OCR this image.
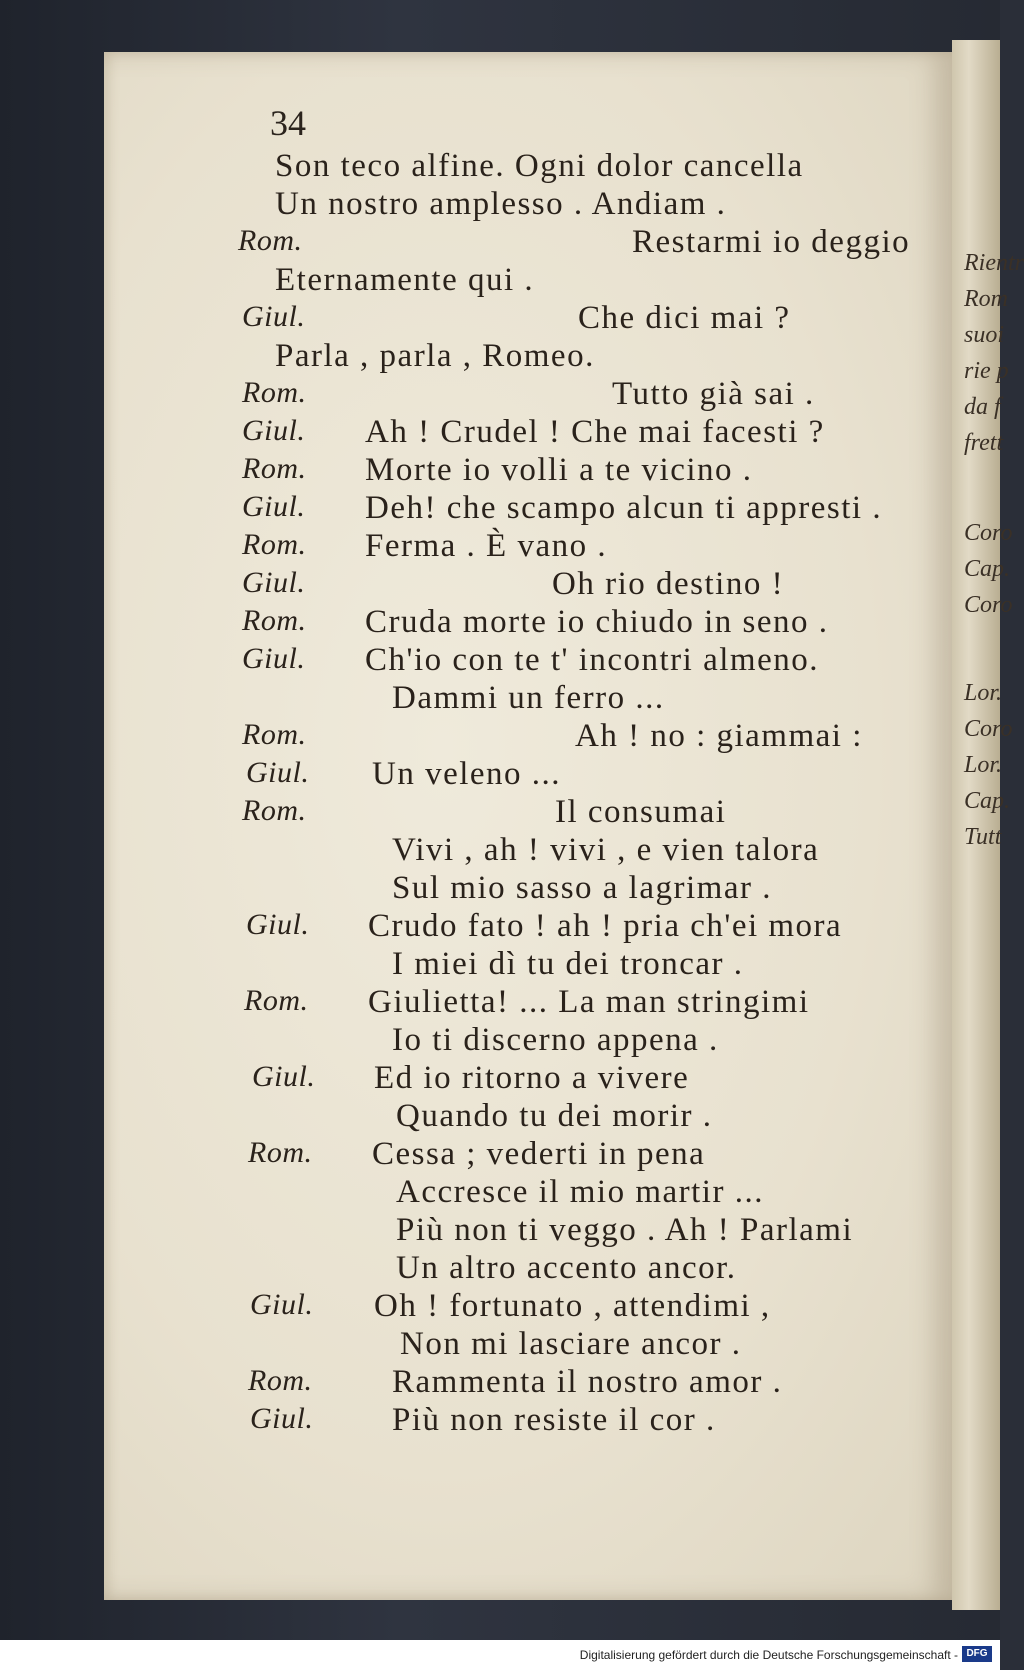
Rientr
Rom
suoi
rie p
da f
frett
Coro
Cap.
Coro
Lor.
Coro
Lor.
Cap.
Tutt
34
Son teco alfine. Ogni dolor cancella
Un nostro amplesso . Andiam .
Rom.	Restarmi io deggio
Eternamente qui .
Giul.	Che dici mai ?
Parla , parla , Romeo.
Rom.	Tutto già sai .
Giul. Ah ! Crudel ! Che mai facesti ?
Rom. Morte io volli a te vicino .
Giul. Deh! che scampo alcun ti appresti .
Rom. Ferma . È vano .
Giul.	Oh rio destino !
Rom. Cruda morte io chiudo in seno .
Giul. Ch'io con te t' incontri almeno.
Dammi un ferro ...
Rom.	Ah ! no : giammai :
Giul. Un veleno ...
Rom.	Il consumai
Vivi , ah ! vivi , e vien talora
Sul mio sasso a lagrimar .
Giul. Crudo fato ! ah ! pria ch'ei mora
I miei dì tu dei troncar .
Rom. Giulietta! ... La man stringimi
Io ti discerno appena .
Giul. Ed io ritorno a vivere
Quando tu dei morir .
Rom. Cessa ; vederti in pena
Accresce il mio martir ...
Più non ti veggo . Ah ! Parlami
Un altro accento ancor.
Giul. Oh ! fortunato , attendimi ,
Non mi lasciare ancor .
Rom. Rammenta il nostro amor .
Giul. Più non resiste il cor .
Digitalisierung gefördert durch die Deutsche Forschungsgemeinschaft - DFG
